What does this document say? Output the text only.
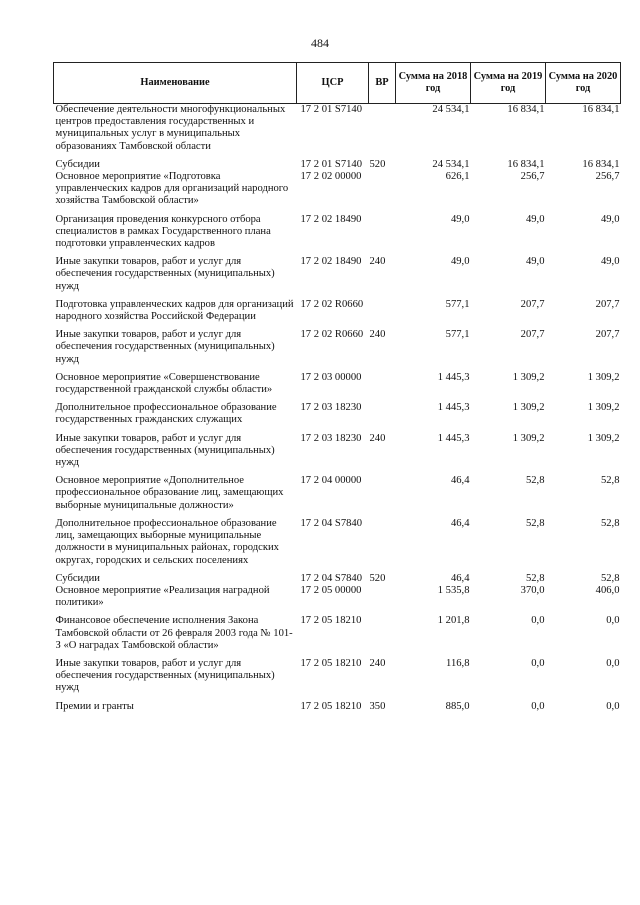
484
Наименование	ЦСР	ВР	Сумма на 2018 год	Сумма на 2019 год	Сумма на 2020 год
Обеспечение деятельности многофункциональных центров предоставления государственных и муниципальных услуг в муниципальных образованиях Тамбовской области	17 2 01 S7140		24 534,1	16 834,1	16 834,1
Субсидии	17 2 01 S7140	520	24 534,1	16 834,1	16 834,1
Основное мероприятие «Подготовка управленческих кадров для организаций народного хозяйства Тамбовской области»	17 2 02 00000		626,1	256,7	256,7
Организация проведения конкурсного отбора специалистов в рамках Государственного плана подготовки управленческих кадров	17 2 02 18490		49,0	49,0	49,0
Иные закупки товаров, работ и услуг для обеспечения государственных (муниципальных) нужд	17 2 02 18490	240	49,0	49,0	49,0
Подготовка управленческих кадров для организаций народного хозяйства Российской Федерации	17 2 02 R0660		577,1	207,7	207,7
Иные закупки товаров, работ и услуг для обеспечения государственных (муниципальных) нужд	17 2 02 R0660	240	577,1	207,7	207,7
Основное мероприятие «Совершенствование государственной гражданской службы области»	17 2 03 00000		1 445,3	1 309,2	1 309,2
Дополнительное профессиональное образование государственных гражданских служащих	17 2 03 18230		1 445,3	1 309,2	1 309,2
Иные закупки товаров, работ и услуг для обеспечения государственных (муниципальных) нужд	17 2 03 18230	240	1 445,3	1 309,2	1 309,2
Основное мероприятие «Дополнительное профессиональное образование лиц, замещающих выборные муниципальные должности»	17 2 04 00000		46,4	52,8	52,8
Дополнительное профессиональное образование лиц, замещающих выборные муниципальные должности в муниципальных районах, городских округах, городских и сельских поселениях	17 2 04 S7840		46,4	52,8	52,8
Субсидии	17 2 04 S7840	520	46,4	52,8	52,8
Основное мероприятие «Реализация наградной политики»	17 2 05 00000		1 535,8	370,0	406,0
Финансовое обеспечение исполнения Закона Тамбовской области от 26 февраля 2003 года № 101-З «О наградах Тамбовской области»	17 2 05 18210		1 201,8	0,0	0,0
Иные закупки товаров, работ и услуг для обеспечения государственных (муниципальных) нужд	17 2 05 18210	240	116,8	0,0	0,0
Премии и гранты	17 2 05 18210	350	885,0	0,0	0,0
